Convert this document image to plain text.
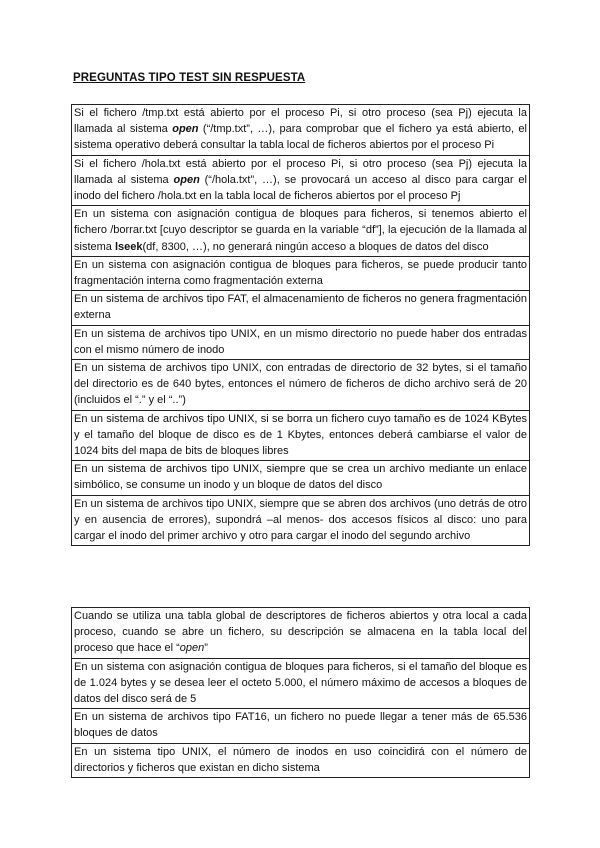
PREGUNTAS TIPO TEST SIN RESPUESTA
Si el fichero /tmp.txt está abierto por el proceso Pi, si otro proceso (sea Pj) ejecuta la llamada al sistema open (“/tmp.txt”, …), para comprobar que el fichero ya está abierto, el sistema operativo deberá consultar la tabla local de ficheros abiertos por el proceso Pi
Si el fichero /hola.txt está abierto por el proceso Pi, si otro proceso (sea Pj) ejecuta la llamada al sistema open (“/hola.txt”, …), se provocará un acceso al disco para cargar el inodo del fichero /hola.txt en la tabla local de ficheros abiertos por el proceso Pj
En un sistema con asignación contigua de bloques para ficheros, si tenemos abierto el fichero /borrar.txt [cuyo descriptor se guarda en la variable “df”], la ejecución de la llamada al sistema lseek(df, 8300, …), no generará ningún acceso a bloques de datos del disco
En un sistema con asignación contigua de bloques para ficheros, se puede producir tanto fragmentación interna como fragmentación externa
En un sistema de archivos tipo FAT, el almacenamiento de ficheros no genera fragmentación externa
En un sistema de archivos tipo UNIX, en un mismo directorio no puede haber dos entradas con el mismo número de inodo
En un sistema de archivos tipo UNIX, con entradas de directorio de 32 bytes, si el tamaño del directorio es de 640 bytes, entonces el número de ficheros de dicho archivo será de 20 (incluidos el “.” y el “..”)
En un sistema de archivos tipo UNIX, si se borra un fichero cuyo tamaño es de 1024 KBytes y el tamaño del bloque de disco es de 1 Kbytes, entonces deberá cambiarse el valor de 1024 bits del mapa de bits de bloques libres
En un sistema de archivos tipo UNIX, siempre que se crea un archivo mediante un enlace simbólico, se consume un inodo y un bloque de datos del disco
En un sistema de archivos tipo UNIX, siempre que se abren dos archivos (uno detrás de otro y en ausencia de errores), supondrá –al menos- dos accesos físicos al disco: uno para cargar el inodo del primer archivo y otro para cargar el inodo del segundo archivo
Cuando se utiliza una tabla global de descriptores de ficheros abiertos y otra local a cada proceso, cuando se abre un fichero, su descripción se almacena en la tabla local del proceso que hace el “open”
En un sistema con asignación contigua de bloques para ficheros, si el tamaño del bloque es de 1.024 bytes y se desea leer el octeto 5.000, el número máximo de accesos a bloques de datos del disco será de 5
En un sistema de archivos tipo FAT16, un fichero no puede llegar a tener más de 65.536 bloques de datos
En un sistema tipo UNIX, el número de inodos en uso coincidirá con el número de directorios y ficheros que existan en dicho sistema
